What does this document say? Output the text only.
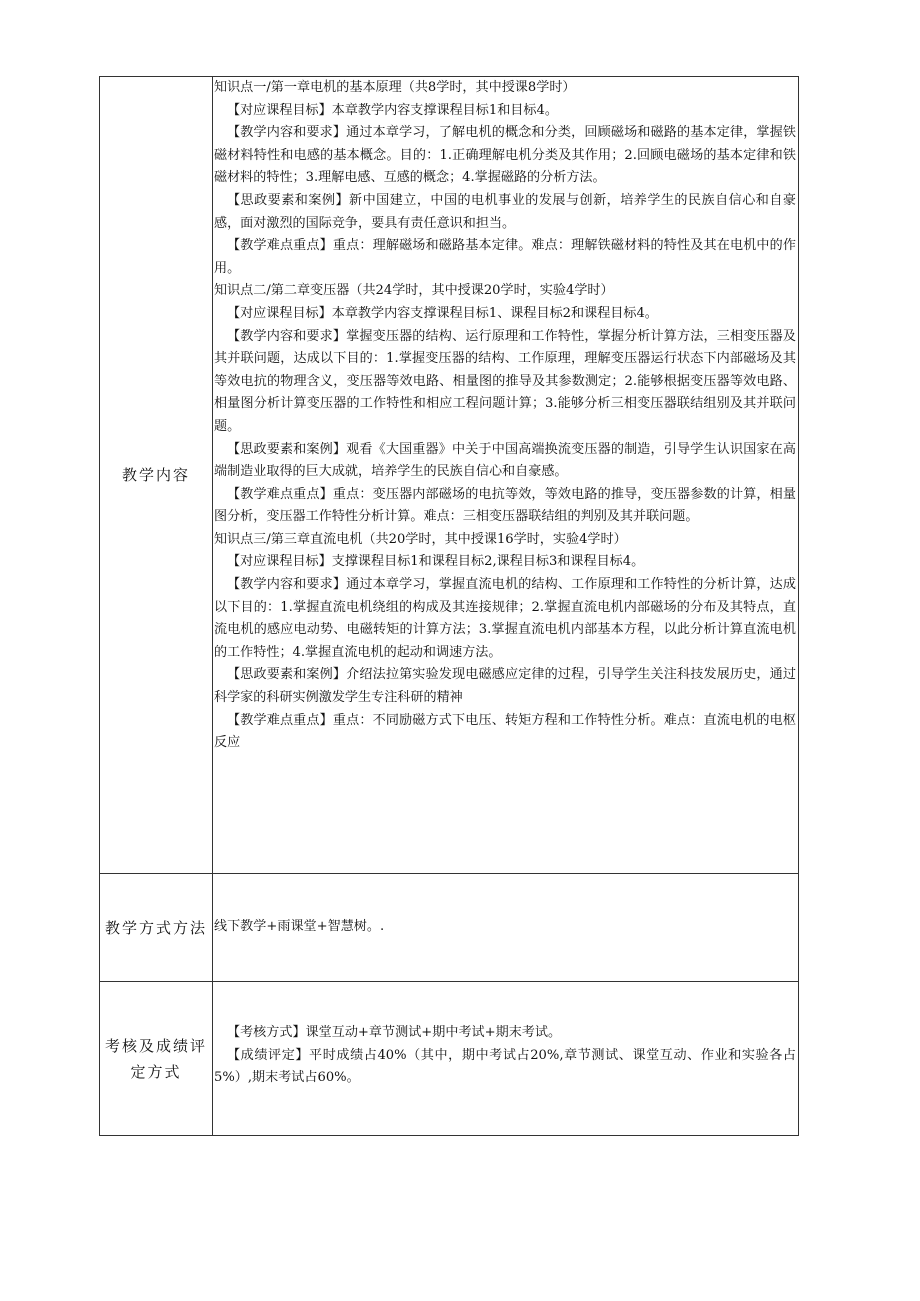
教学内容

知识点一/第一章电机的基本原理（共8学时，其中授课8学时）

【对应课程目标】本章教学内容支撑课程目标1和目标4。

【教学内容和要求】通过本章学习，了解电机的概念和分类，回顾磁场和磁路的基本定律，掌握铁磁材料特性和电感的基本概念。目的：1.正确理解电机分类及其作用；2.回顾电磁场的基本定律和铁磁材料的特性；3.理解电感、互感的概念；4.掌握磁路的分析方法。

【思政要素和案例】新中国建立，中国的电机事业的发展与创新，培养学生的民族自信心和自豪感，面对激烈的国际竞争，要具有责任意识和担当。

【教学难点重点】重点：理解磁场和磁路基本定律。难点：理解铁磁材料的特性及其在电机中的作用。

知识点二/第二章变压器（共24学时，其中授课20学时，实验4学时）

【对应课程目标】本章教学内容支撑课程目标1、课程目标2和课程目标4。

【教学内容和要求】掌握变压器的结构、运行原理和工作特性，掌握分析计算方法，三相变压器及其并联问题，达成以下目的：1.掌握变压器的结构、工作原理，理解变压器运行状态下内部磁场及其等效电抗的物理含义，变压器等效电路、相量图的推导及其参数测定；2.能够根据变压器等效电路、相量图分析计算变压器的工作特性和相应工程问题计算；3.能够分析三相变压器联结组别及其并联问题。

【思政要素和案例】观看《大国重器》中关于中国高端换流变压器的制造，引导学生认识国家在高端制造业取得的巨大成就，培养学生的民族自信心和自豪感。

【教学难点重点】重点：变压器内部磁场的电抗等效，等效电路的推导，变压器参数的计算，相量图分析，变压器工作特性分析计算。难点：三相变压器联结组的判别及其并联问题。

知识点三/第三章直流电机（共20学时，其中授课16学时，实验4学时）

【对应课程目标】支撑课程目标1和课程目标2,课程目标3和课程目标4。

【教学内容和要求】通过本章学习，掌握直流电机的结构、工作原理和工作特性的分析计算，达成以下目的：1.掌握直流电机绕组的构成及其连接规律；2.掌握直流电机内部磁场的分布及其特点，直流电机的感应电动势、电磁转矩的计算方法；3.掌握直流电机内部基本方程，以此分析计算直流电机的工作特性；4.掌握直流电机的起动和调速方法。

【思政要素和案例】介绍法拉第实验发现电磁感应定律的过程，引导学生关注科技发展历史，通过科学家的科研实例激发学生专注科研的精神

【教学难点重点】重点：不同励磁方式下电压、转矩方程和工作特性分析。难点：直流电机的电枢反应

教学方式方法 线下教学+雨课堂+智慧树。.

考核及成绩评定方式

【考核方式】课堂互动+章节测试+期中考试+期末考试。

【成绩评定】平时成绩占40%（其中，期中考试占20%,章节测试、课堂互动、作业和实验各占5%）,期末考试占60%。
